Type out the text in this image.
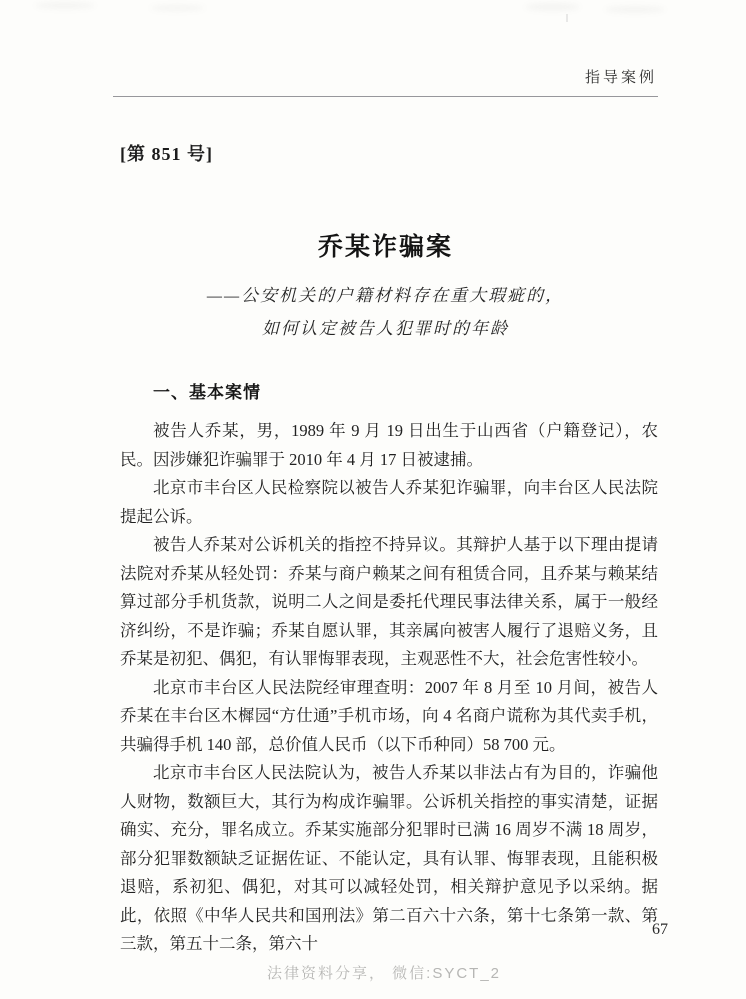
指导案例
[第 851 号]
乔某诈骗案
——公安机关的户籍材料存在重大瑕疵的，
如何认定被告人犯罪时的年龄
一、基本案情

被告人乔某，男，1989 年 9 月 19 日出生于山西省（户籍登记），农民。因涉嫌犯诈骗罪于 2010 年 4 月 17 日被逮捕。

北京市丰台区人民检察院以被告人乔某犯诈骗罪，向丰台区人民法院提起公诉。

被告人乔某对公诉机关的指控不持异议。其辩护人基于以下理由提请法院对乔某从轻处罚：乔某与商户赖某之间有租赁合同，且乔某与赖某结算过部分手机货款，说明二人之间是委托代理民事法律关系，属于一般经济纠纷，不是诈骗；乔某自愿认罪，其亲属向被害人履行了退赔义务，且乔某是初犯、偶犯，有认罪悔罪表现，主观恶性不大，社会危害性较小。

北京市丰台区人民法院经审理查明：2007 年 8 月至 10 月间，被告人乔某在丰台区木樨园“方仕通”手机市场，向 4 名商户谎称为其代卖手机，共骗得手机 140 部，总价值人民币（以下币种同）58 700 元。

北京市丰台区人民法院认为，被告人乔某以非法占有为目的，诈骗他人财物，数额巨大，其行为构成诈骗罪。公诉机关指控的事实清楚，证据确实、充分，罪名成立。乔某实施部分犯罪时已满 16 周岁不满 18 周岁，部分犯罪数额缺乏证据佐证、不能认定，具有认罪、悔罪表现，且能积极退赔，系初犯、偶犯，对其可以减轻处罚，相关辩护意见予以采纳。据此，依照《中华人民共和国刑法》第二百六十六条，第十七条第一款、第三款，第五十二条，第六十

67
法律资料分享， 微信:SYCT_2
